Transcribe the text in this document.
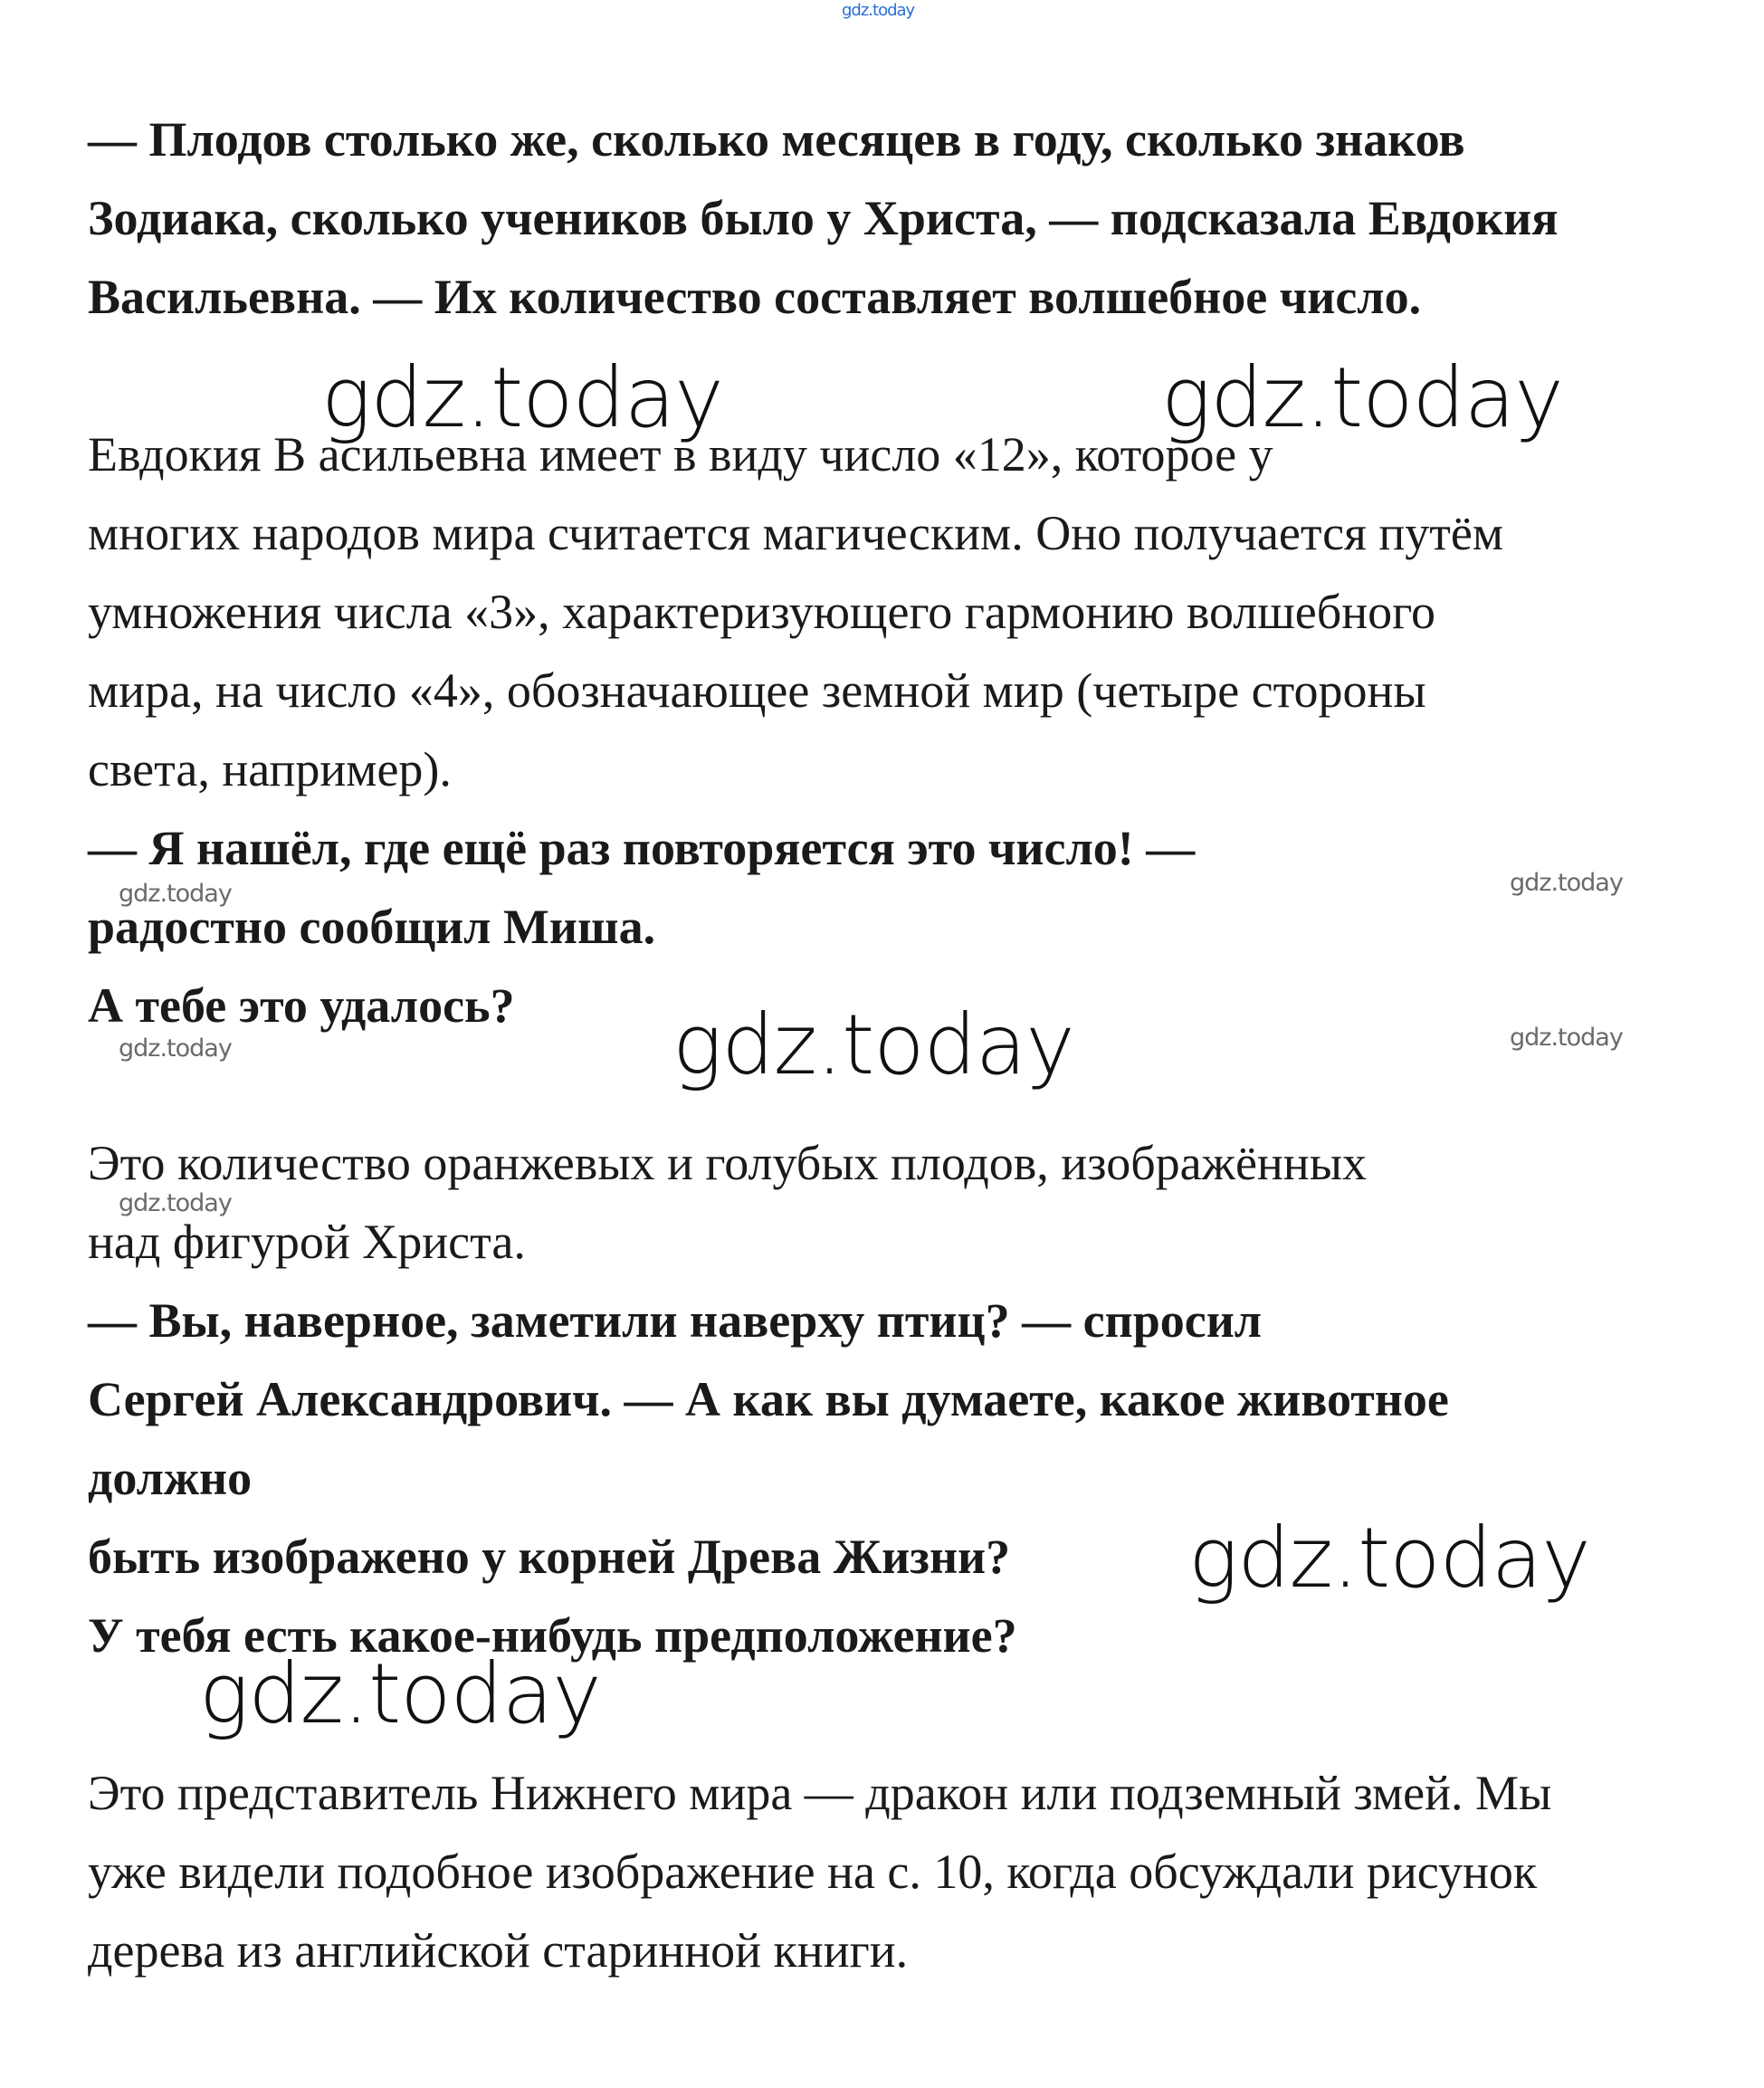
gdz.today
— Плодов столько же, сколько месяцев в году, сколько знаков
Зодиака, сколько учеников было у Христа, — подсказала Евдокия
Васильевна. — Их количество составляет волшебное число.
Евдокия В асильевна имеет в виду число «12», которое у
многих народов мира считается магическим. Оно получается путём
умножения числа «3», характеризующего гармонию волшебного
мира, на число «4», обозначающее земной мир (четыре стороны
света, например).
— Я нашёл, где ещё раз повторяется это число! —
радостно сообщил Миша.
А тебе это удалось?
Это количество оранжевых и голубых плодов, изображённых
над фигурой Христа.
— Вы, наверное, заметили наверху птиц? — спросил
Сергей Александрович. — А как вы думаете, какое животное
должно
быть изображено у корней Древа Жизни?
У тебя есть какое-нибудь предположение?
Это представитель Нижнего мира — дракон или подземный змей. Мы
уже видели подобное изображение на с. 10, когда обсуждали рисунок
дерева из английской старинной книги.
gdz.today	gdz.today
gdz.today
gdz.today
gdz.today
gdz.today	gdz.today
gdz.today	gdz.today
gdz.today
